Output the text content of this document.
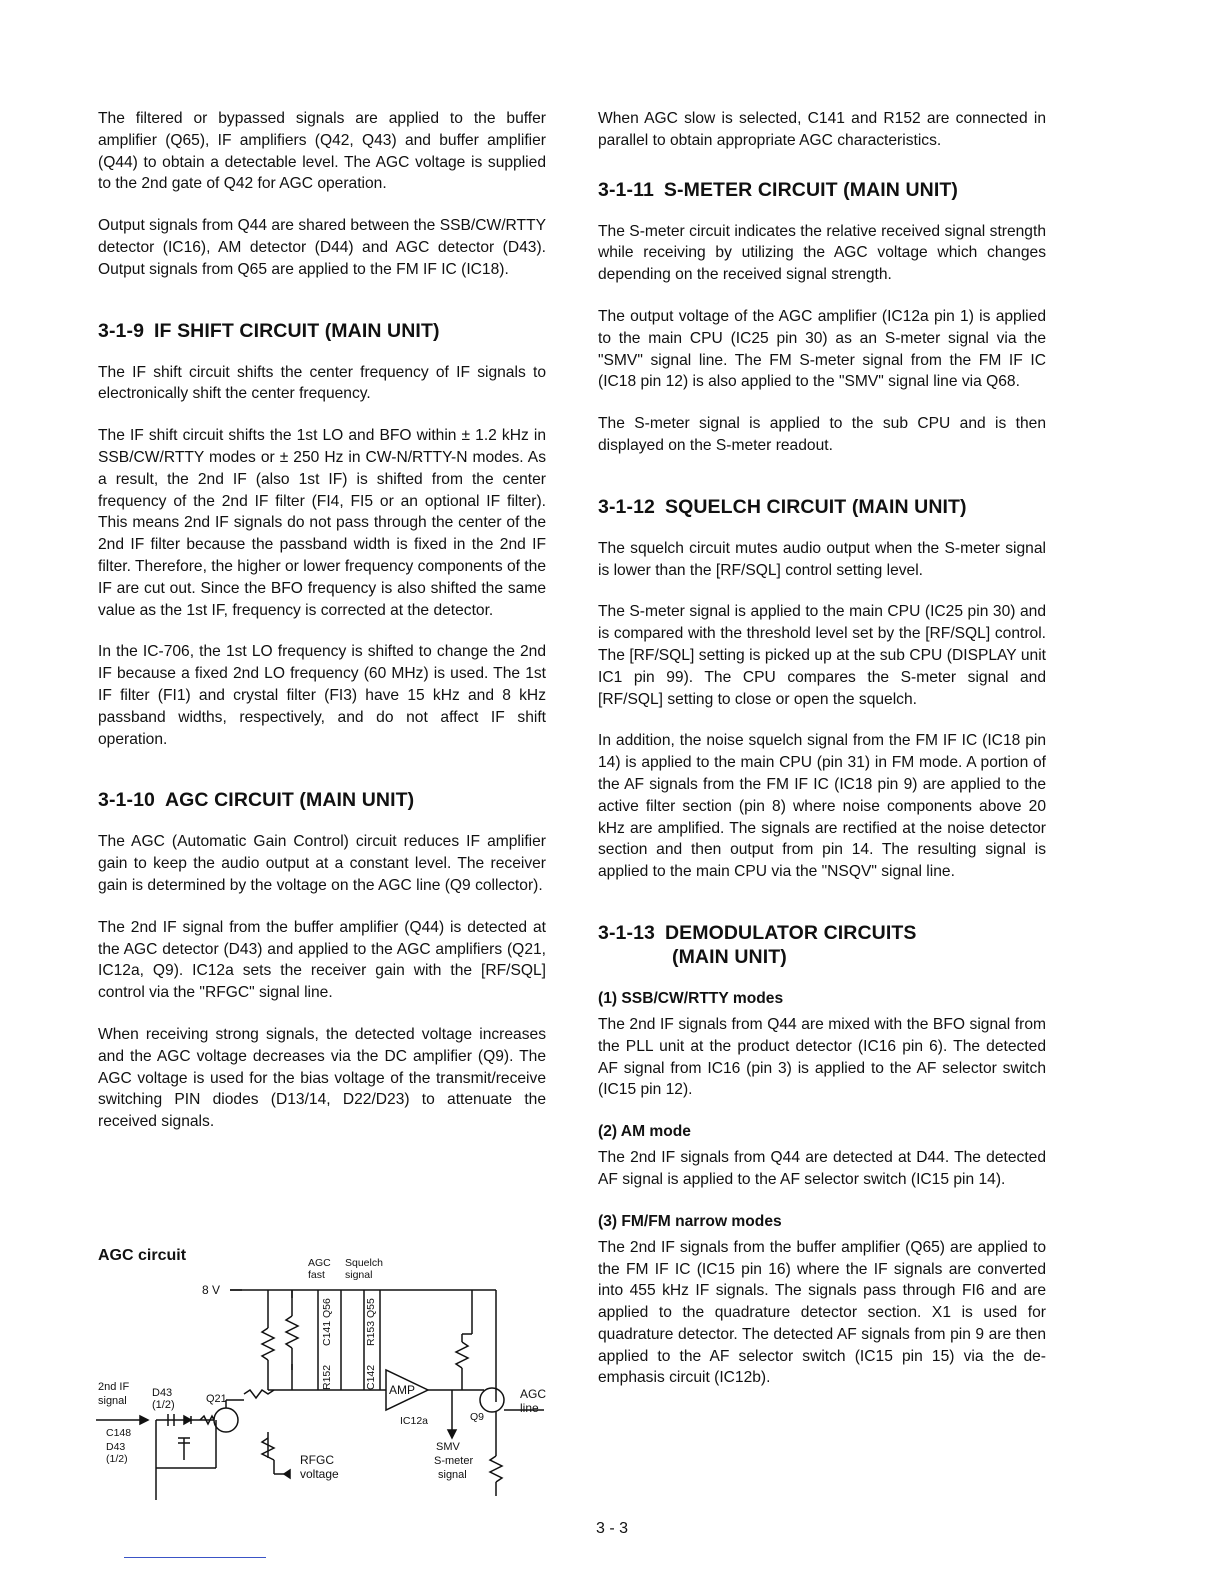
The filtered or bypassed signals are applied to the buffer amplifier (Q65), IF amplifiers (Q42, Q43) and buffer amplifier (Q44) to obtain a detectable level. The AGC voltage is supplied to the 2nd gate of Q42 for AGC operation.

Output signals from Q44 are shared between the SSB/CW/RTTY detector (IC16), AM detector (D44) and AGC detector (D43). Output signals from Q65 are applied to the FM IF IC (IC18).

3-1-9 IF SHIFT CIRCUIT (MAIN UNIT)

The IF shift circuit shifts the center frequency of IF signals to electronically shift the center frequency.

The IF shift circuit shifts the 1st LO and BFO within ± 1.2 kHz in SSB/CW/RTTY modes or ± 250 Hz in CW-N/RTTY-N modes. As a result, the 2nd IF (also 1st IF) is shifted from the center frequency of the 2nd IF filter (FI4, FI5 or an optional IF filter). This means 2nd IF signals do not pass through the center of the 2nd IF filter because the passband width is fixed in the 2nd IF filter. Therefore, the higher or lower frequency components of the IF are cut out. Since the BFO frequency is also shifted the same value as the 1st IF, frequency is corrected at the detector.

In the IC-706, the 1st LO frequency is shifted to change the 2nd IF because a fixed 2nd LO frequency (60 MHz) is used. The 1st IF filter (FI1) and crystal filter (FI3) have 15 kHz and 8 kHz passband widths, respectively, and do not affect IF shift operation.

3-1-10 AGC CIRCUIT (MAIN UNIT)

The AGC (Automatic Gain Control) circuit reduces IF amplifier gain to keep the audio output at a constant level. The receiver gain is determined by the voltage on the AGC line (Q9 collector).

The 2nd IF signal from the buffer amplifier (Q44) is detected at the AGC detector (D43) and applied to the AGC amplifiers (Q21, IC12a, Q9). IC12a sets the receiver gain with the [RF/SQL] control via the "RFGC" signal line.

When receiving strong signals, the detected voltage increases and the AGC voltage decreases via the DC amplifier (Q9). The AGC voltage is used for the bias voltage of the transmit/receive switching PIN diodes (D13/14, D22/D23) to attenuate the received signals.

AGC circuit	AGC
fast
Squelch
signal
8 V
R152
C141
Q56
C142
R153
Q55
2nd IF
signal
D43
(1/2)	Q21
C148
D43
(1/2)
AMP
IC12a	Q9
AGC
line
SMV
S-meter
signal
RFGC
voltage

When AGC slow is selected, C141 and R152 are connected in parallel to obtain appropriate AGC characteristics.

3-1-11 S-METER CIRCUIT (MAIN UNIT)

The S-meter circuit indicates the relative received signal strength while receiving by utilizing the AGC voltage which changes depending on the received signal strength.

The output voltage of the AGC amplifier (IC12a pin 1) is applied to the main CPU (IC25 pin 30) as an S-meter signal via the "SMV" signal line. The FM S-meter signal from the FM IF IC (IC18 pin 12) is also applied to the "SMV" signal line via Q68.

The S-meter signal is applied to the sub CPU and is then displayed on the S-meter readout.

3-1-12 SQUELCH CIRCUIT (MAIN UNIT)

The squelch circuit mutes audio output when the S-meter signal is lower than the [RF/SQL] control setting level.

The S-meter signal is applied to the main CPU (IC25 pin 30) and is compared with the threshold level set by the [RF/SQL] control. The [RF/SQL] setting is picked up at the sub CPU (DISPLAY unit IC1 pin 99). The CPU compares the S-meter signal and [RF/SQL] setting to close or open the squelch.

In addition, the noise squelch signal from the FM IF IC (IC18 pin 14) is applied to the main CPU (pin 31) in FM mode. A portion of the AF signals from the FM IF IC (IC18 pin 9) are applied to the active filter section (pin 8) where noise components above 20 kHz are amplified. The signals are rectified at the noise detector section and then output from pin 14. The resulting signal is applied to the main CPU via the "NSQV" signal line.

3-1-13 DEMODULATOR CIRCUITS
(MAIN UNIT)
(1) SSB/CW/RTTY modes

The 2nd IF signals from Q44 are mixed with the BFO signal from the PLL unit at the product detector (IC16 pin 6). The detected AF signal from IC16 (pin 3) is applied to the AF selector switch (IC15 pin 12).

(2) AM mode

The 2nd IF signals from Q44 are detected at D44. The detected AF signal is applied to the AF selector switch (IC15 pin 14).

(3) FM/FM narrow modes

The 2nd IF signals from the buffer amplifier (Q65) are applied to the FM IF IC (IC15 pin 16) where the IF signals are converted into 455 kHz IF signals. The signals pass through FI6 and are applied to the quadrature detector section. X1 is used for quadrature detector. The detected AF signals from pin 9 are then applied to the AF selector switch (IC15 pin 15) via the de-emphasis circuit (IC12b).

3 - 3
